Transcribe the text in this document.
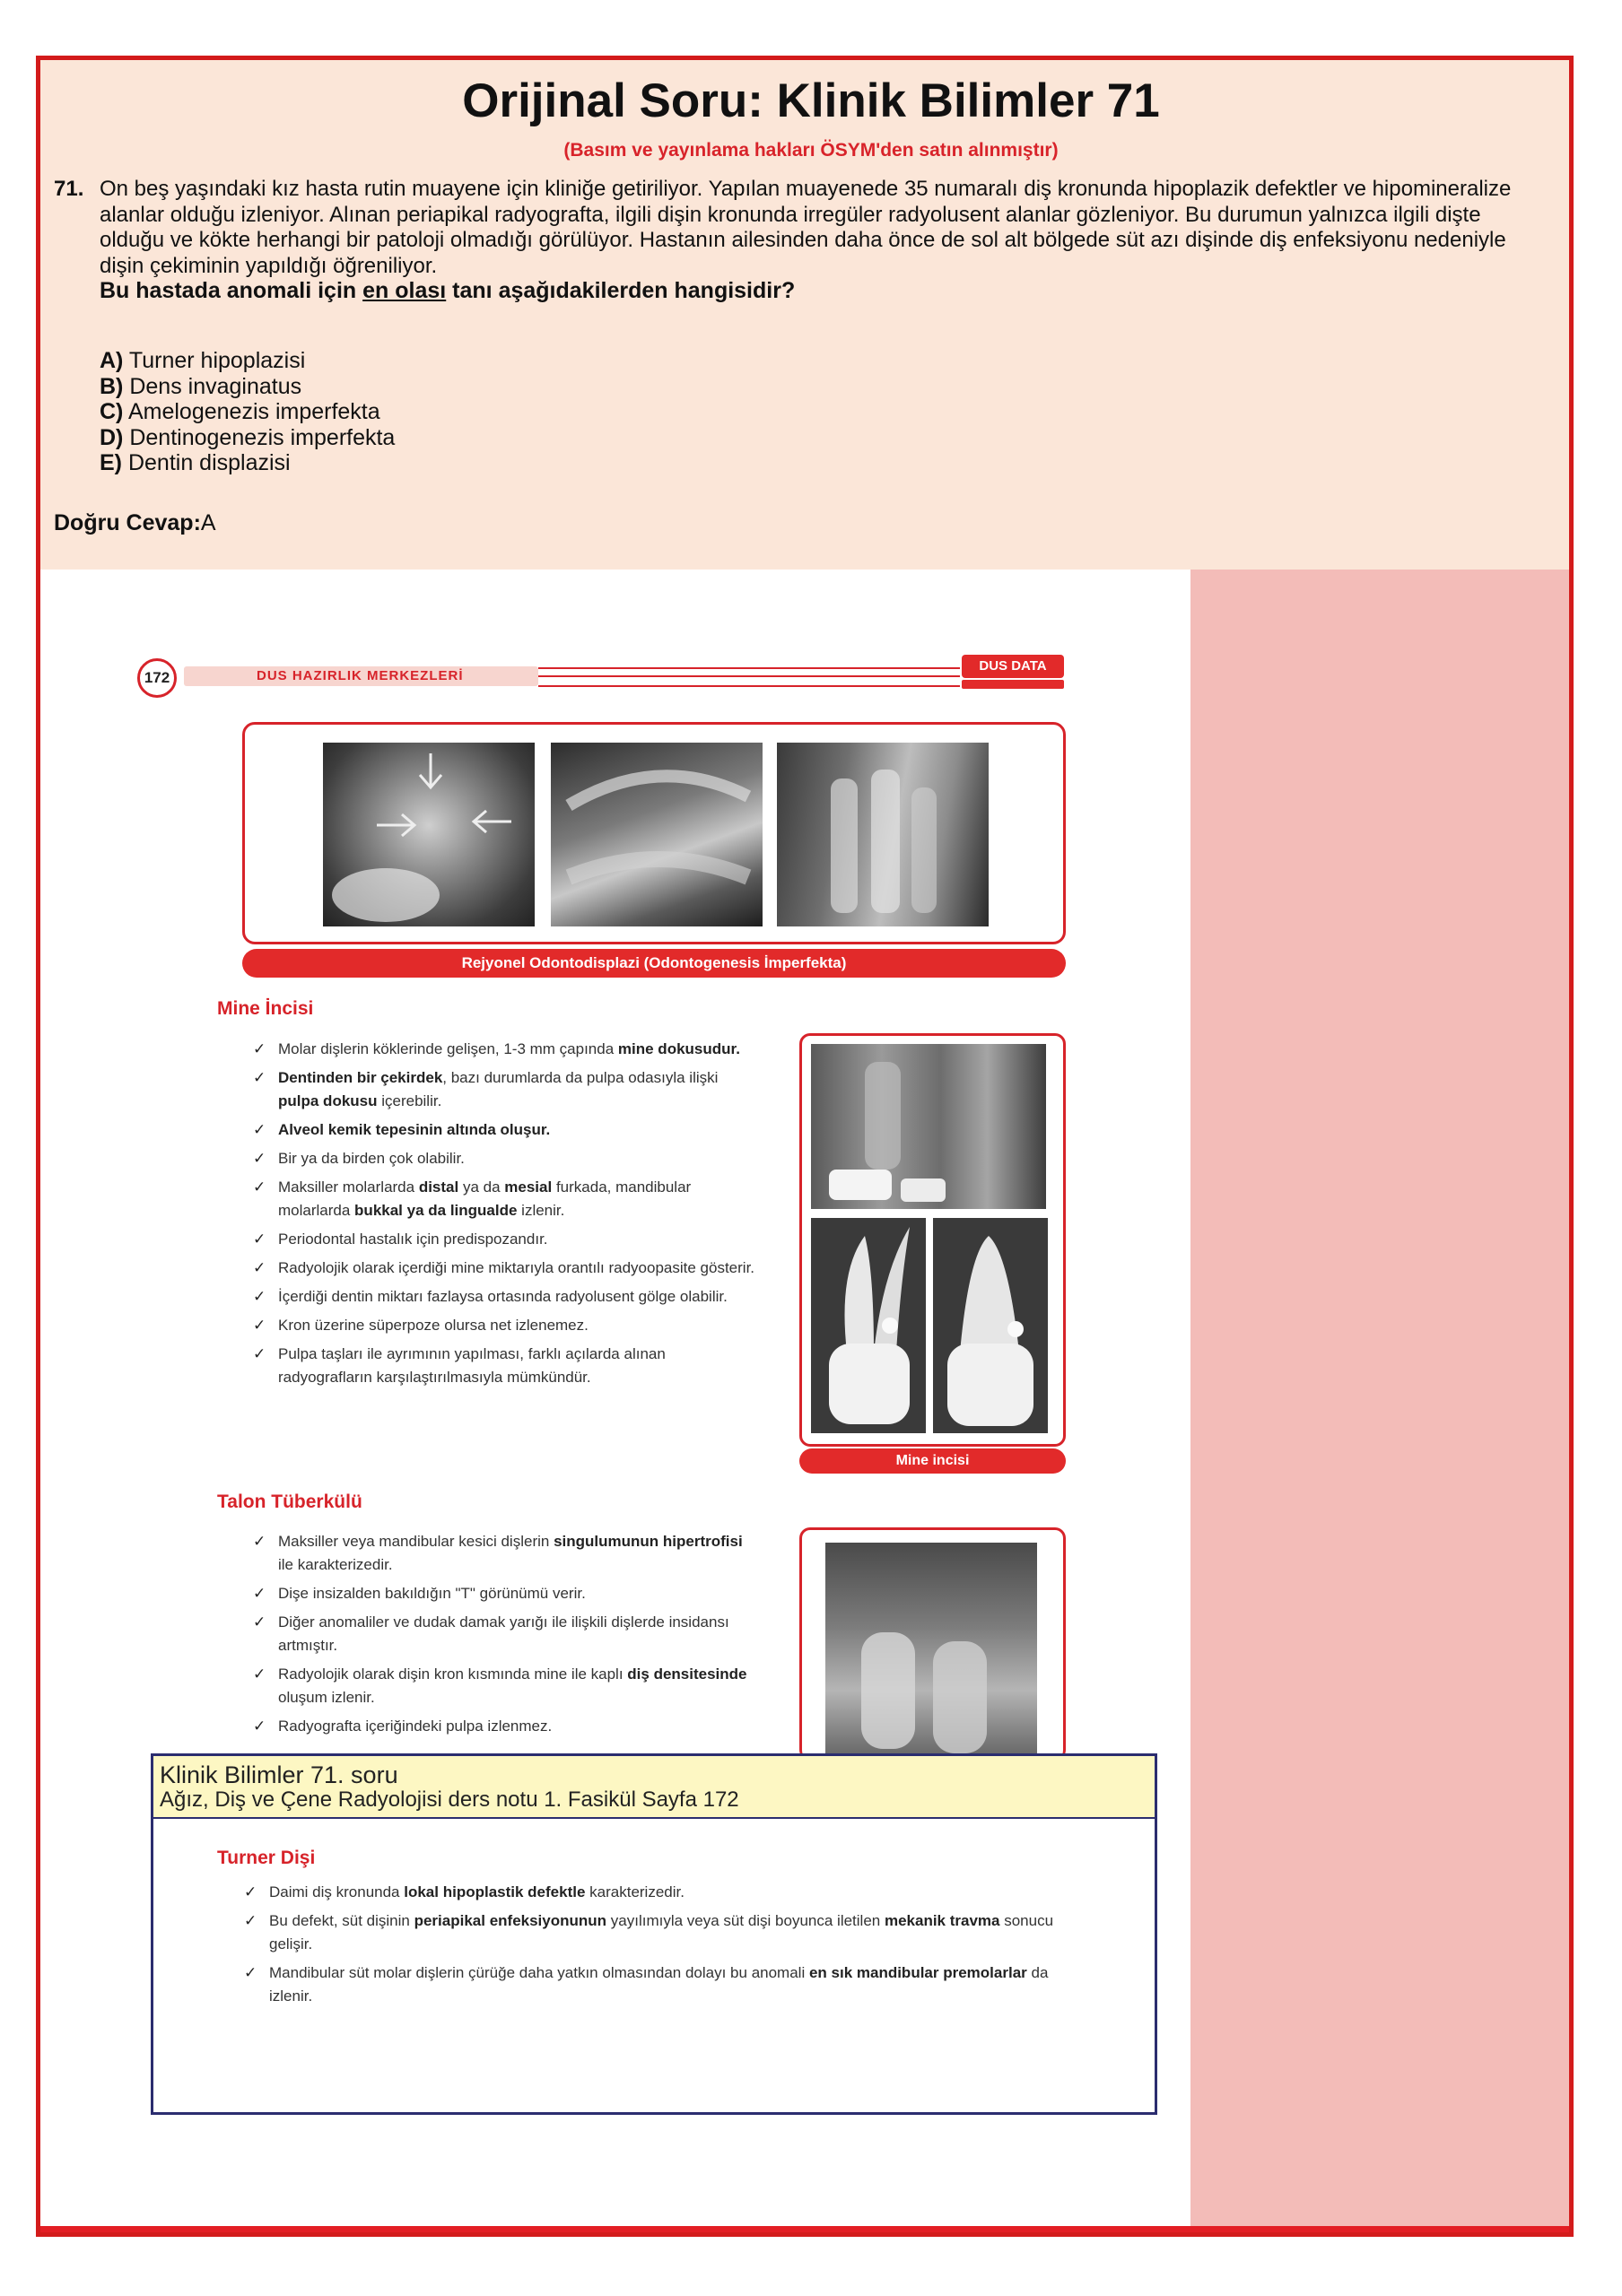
Orijinal Soru: Klinik Bilimler 71
(Basım ve yayınlama hakları ÖSYM'den satın alınmıştır)
71. On beş yaşındaki kız hasta rutin muayene için kliniğe getiriliyor. Yapılan muayenede 35 numaralı diş kronunda hipoplazik defektler ve hipomineralize alanlar olduğu izleniyor. Alınan periapikal radyografta, ilgili dişin kronunda irregüler radyolusent alanlar gözleniyor. Bu durumun yalnızca ilgili dişte olduğu ve kökte herhangi bir patoloji olmadığı görülüyor. Hastanın ailesinden daha önce de sol alt bölgede süt azı dişinde diş enfeksiyonu nedeniyle dişin çekiminin yapıldığı öğreniliyor.
Bu hastada anomali için en olası tanı aşağıdakilerden hangisidir?
A) Turner hipoplazisi
B) Dens invaginatus
C) Amelogenezis imperfekta
D) Dentinogenezis imperfekta
E) Dentin displazisi
Doğru Cevap:A
172	DUS HAZIRLIK MERKEZLERİ
DUS DATA
Rejyonel Odontodisplazi (Odontogenesis İmperfekta)
Mine İncisi
✓ Molar dişlerin köklerinde gelişen, 1-3 mm çapında mine dokusudur.
✓ Dentinden bir çekirdek, bazı durumlarda da pulpa odasıyla ilişki pulpa dokusu içerebilir.
✓ Alveol kemik tepesinin altında oluşur.
✓ Bir ya da birden çok olabilir.
✓ Maksiller molarlarda distal ya da mesial furkada, mandibular molarlarda bukkal ya da lingualde izlenir.
✓ Periodontal hastalık için predispozandır.
✓ Radyolojik olarak içerdiği mine miktarıyla orantılı radyoopasite gösterir.
✓ İçerdiği dentin miktarı fazlaysa ortasında radyolusent gölge olabilir.
✓ Kron üzerine süperpoze olursa net izlenemez.
✓ Pulpa taşları ile ayrımının yapılması, farklı açılarda alınan radyografların karşılaştırılmasıyla mümkündür.
Mine incisi
Talon Tüberkülü
✓ Maksiller veya mandibular kesici dişlerin singulumunun hipertrofisi ile karakterizedir.
✓ Dişe insizalden bakıldığın "T" görünümü verir.
✓ Diğer anomaliler ve dudak damak yarığı ile ilişkili dişlerde insidansı artmıştır.
✓ Radyolojik olarak dişin kron kısmında mine ile kaplı diş densitesinde oluşum izlenir.
✓ Radyografta içeriğindeki pulpa izlenmez.
Klinik Bilimler 71. soru
Ağız, Diş ve Çene Radyolojisi ders notu 1. Fasikül Sayfa 172
Turner Dişi
✓ Daimi diş kronunda lokal hipoplastik defektle karakterizedir.
✓ Bu defekt, süt dişinin periapikal enfeksiyonunun yayılımıyla veya süt dişi boyunca iletilen mekanik travma sonucu gelişir.
✓ Mandibular süt molar dişlerin çürüğe daha yatkın olmasından dolayı bu anomali en sık mandibular premolarlar da izlenir.
